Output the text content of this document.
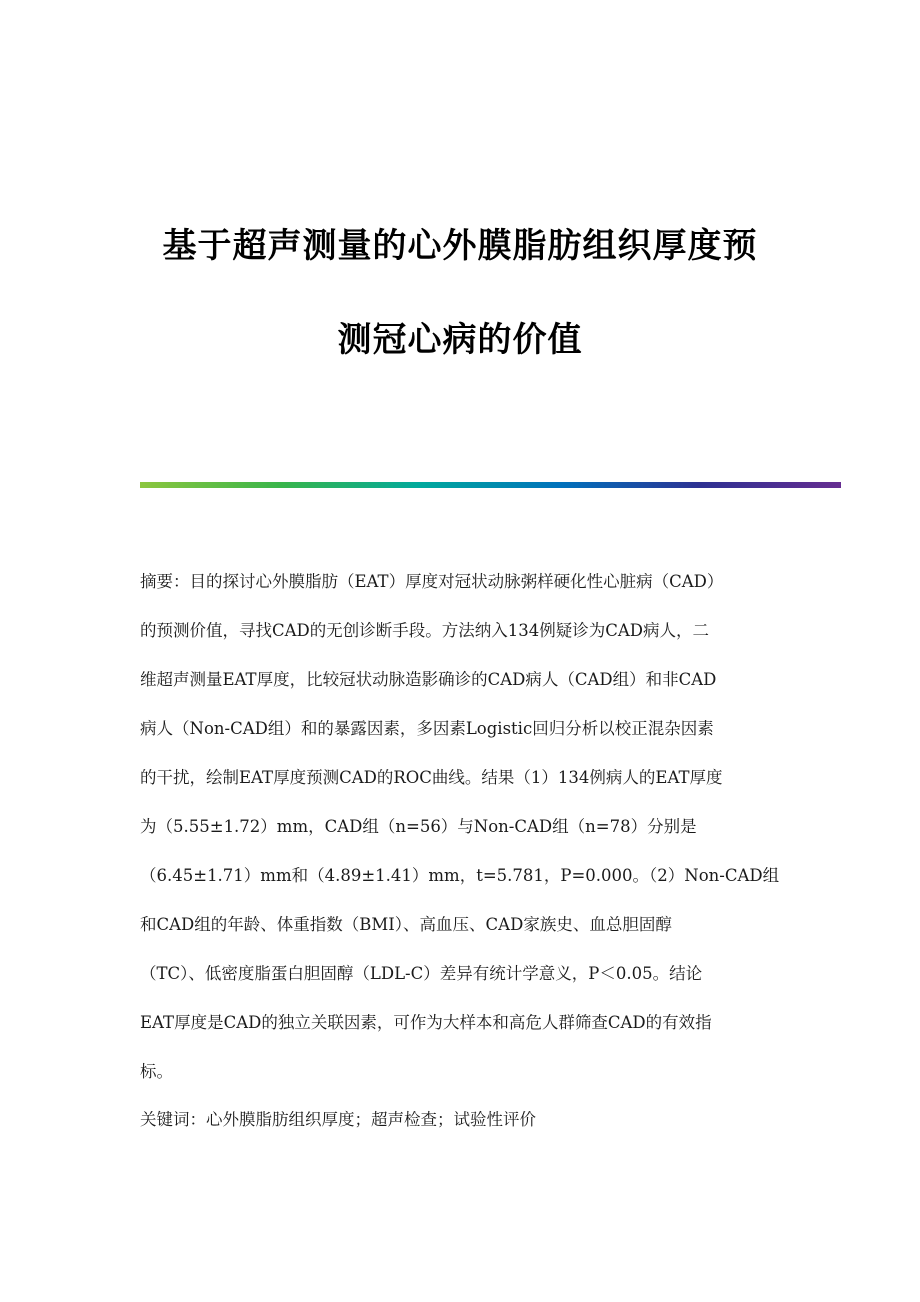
基于超声测量的心外膜脂肪组织厚度预
测冠心病的价值
摘要：目的探讨心外膜脂肪（EAT）厚度对冠状动脉粥样硬化性心脏病（CAD）
的预测价值，寻找CAD的无创诊断手段。方法纳入134例疑诊为CAD病人，二
维超声测量EAT厚度，比较冠状动脉造影确诊的CAD病人（CAD组）和非CAD
病人（Non-CAD组）和的暴露因素，多因素Logistic回归分析以校正混杂因素
的干扰，绘制EAT厚度预测CAD的ROC曲线。结果（1）134例病人的EAT厚度
为（5.55±1.72）mm，CAD组（n=56）与Non-CAD组（n=78）分别是
（6.45±1.71）mm和（4.89±1.41）mm，t=5.781，P=0.000。（2）Non-CAD组
和CAD组的年龄、体重指数（BMI）、高血压、CAD家族史、血总胆固醇
（TC）、低密度脂蛋白胆固醇（LDL-C）差异有统计学意义，P＜0.05。结论
EAT厚度是CAD的独立关联因素，可作为大样本和高危人群筛查CAD的有效指
标。
关键词：心外膜脂肪组织厚度；超声检查；试验性评价
